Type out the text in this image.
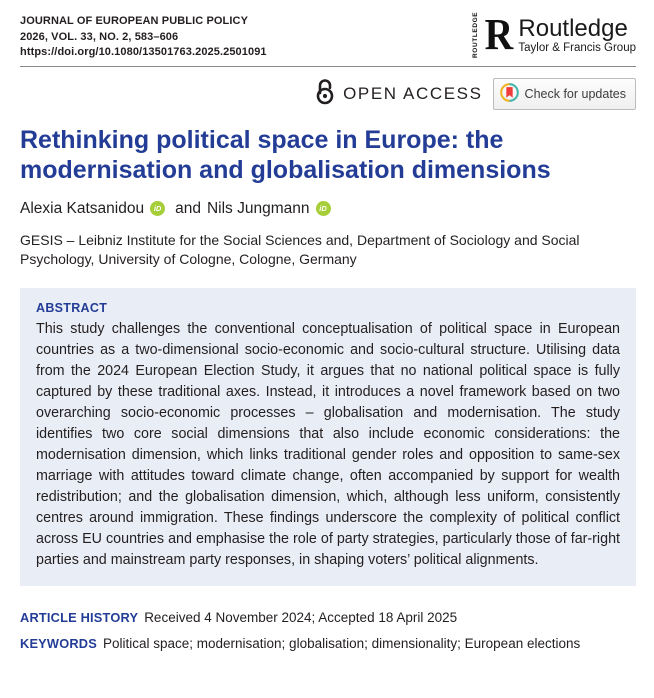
JOURNAL OF EUROPEAN PUBLIC POLICY
2026, VOL. 33, NO. 2, 583–606
https://doi.org/10.1080/13501763.2025.2501091	ROUTLEDGE R Routledge
Taylor & Francis Group
OPEN ACCESS	Check for updates
Rethinking political space in Europe: the modernisation and globalisation dimensions
Alexia Katsanidou	iD and Nils Jungmann	iD
GESIS – Leibniz Institute for the Social Sciences and, Department of Sociology and Social Psychology, University of Cologne, Cologne, Germany
ABSTRACT
This study challenges the conventional conceptualisation of political space in European countries as a two-dimensional socio-economic and socio-cultural structure. Utilising data from the 2024 European Election Study, it argues that no national political space is fully captured by these traditional axes. Instead, it introduces a novel framework based on two overarching socio-economic processes – globalisation and modernisation. The study identifies two core social dimensions that also include economic considerations: the modernisation dimension, which links traditional gender roles and opposition to same-sex marriage with attitudes toward climate change, often accompanied by support for wealth redistribution; and the globalisation dimension, which, although less uniform, consistently centres around immigration. These findings underscore the complexity of political conflict across EU countries and emphasise the role of party strategies, particularly those of far-right parties and mainstream party responses, in shaping voters’ political alignments.
ARTICLE HISTORY Received 4 November 2024; Accepted 18 April 2025
KEYWORDS Political space; modernisation; globalisation; dimensionality; European elections
